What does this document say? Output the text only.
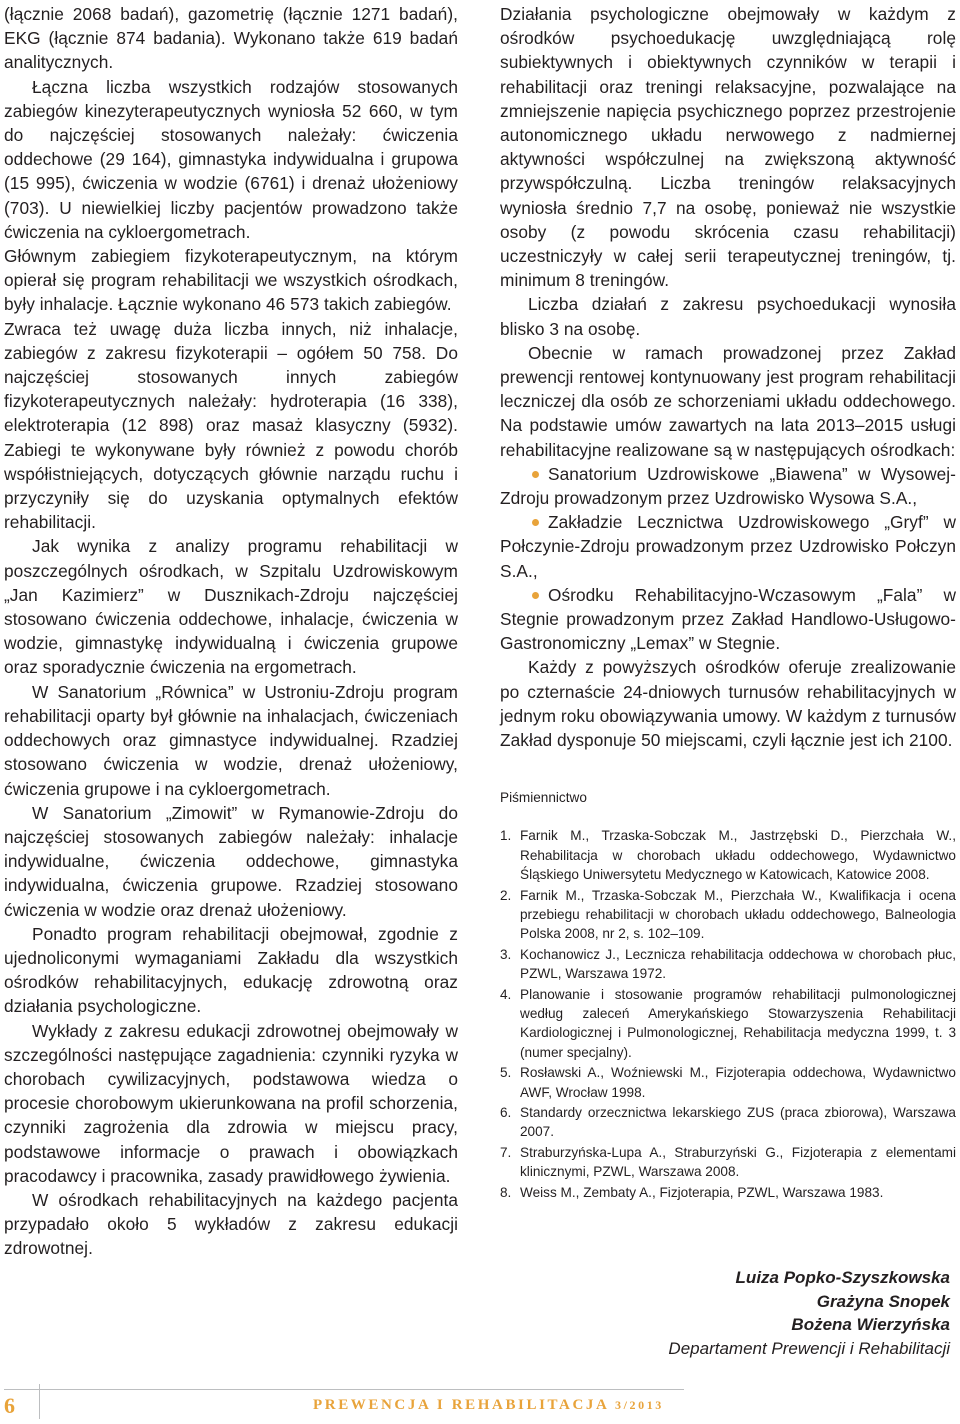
(łącznie 2068 badań), gazometrię (łącznie 1271 badań), EKG (łącznie 874 badania). Wykonano także 619 badań analitycznych.

Łączna liczba wszystkich rodzajów stosowanych zabiegów kinezyterapeutycznych wyniosła 52 660, w tym do najczęściej stosowanych należały: ćwiczenia oddechowe (29 164), gimnastyka indywidualna i grupowa (15 995), ćwiczenia w wodzie (6761) i drenaż ułożeniowy (703). U niewielkiej liczby pacjentów prowadzono także ćwiczenia na cykloergometrach.

Głównym zabiegiem fizykoterapeutycznym, na którym opierał się program rehabilitacji we wszystkich ośrodkach, były inhalacje. Łącznie wykonano 46 573 takich zabiegów.

Zwraca też uwagę duża liczba innych, niż inhalacje, zabiegów z zakresu fizykoterapii – ogółem 50 758. Do najczęściej stosowanych innych zabiegów fizykoterapeutycznych należały: hydroterapia (16 338), elektroterapia (12 898) oraz masaż klasyczny (5932). Zabiegi te wykonywane były również z powodu chorób współistniejących, dotyczących głównie narządu ruchu i przyczyniły się do uzyskania optymalnych efektów rehabilitacji.

Jak wynika z analizy programu rehabilitacji w poszczególnych ośrodkach, w Szpitalu Uzdrowiskowym „Jan Kazimierz” w Dusznikach-Zdroju najczęściej stosowano ćwiczenia oddechowe, inhalacje, ćwiczenia w wodzie, gimnastykę indywidualną i ćwiczenia grupowe oraz sporadycznie ćwiczenia na ergometrach.

W Sanatorium „Równica” w Ustroniu-Zdroju program rehabilitacji oparty był głównie na inhalacjach, ćwiczeniach oddechowych oraz gimnastyce indywidualnej. Rzadziej stosowano ćwiczenia w wodzie, drenaż ułożeniowy, ćwiczenia grupowe i na cykloergometrach.

W Sanatorium „Zimowit” w Rymanowie-Zdroju do najczęściej stosowanych zabiegów należały: inhalacje indywidualne, ćwiczenia oddechowe, gimnastyka indywidualna, ćwiczenia grupowe. Rzadziej stosowano ćwiczenia w wodzie oraz drenaż ułożeniowy.

Ponadto program rehabilitacji obejmował, zgodnie z ujednoliconymi wymaganiami Zakładu dla wszystkich ośrodków rehabilitacyjnych, edukację zdrowotną oraz działania psychologiczne.

Wykłady z zakresu edukacji zdrowotnej obejmowały w szczególności następujące zagadnienia: czynniki ryzyka w chorobach cywilizacyjnych, podstawowa wiedza o procesie chorobowym ukierunkowana na profil schorzenia, czynniki zagrożenia dla zdrowia w miejscu pracy, podstawowe informacje o prawach i obowiązkach pracodawcy i pracownika, zasady prawidłowego żywienia.

W ośrodkach rehabilitacyjnych na każdego pacjenta przypadało około 5 wykładów z zakresu edukacji zdrowotnej.

Działania psychologiczne obejmowały w każdym z ośrodków psychoedukację uwzględniającą rolę subiektywnych i obiektywnych czynników w terapii i rehabilitacji oraz treningi relaksacyjne, pozwalające na zmniejszenie napięcia psychicznego poprzez przestrojenie autonomicznego układu nerwowego z nadmiernej aktywności współczulnej na zwiększoną aktywność przywspółczulną. Liczba treningów relaksacyjnych wyniosła średnio 7,7 na osobę, ponieważ nie wszystkie osoby (z powodu skrócenia czasu rehabilitacji) uczestniczyły w całej serii terapeutycznej treningów, tj. minimum 8 treningów.

Liczba działań z zakresu psychoedukacji wynosiła blisko 3 na osobę.

Obecnie w ramach prowadzonej przez Zakład prewencji rentowej kontynuowany jest program rehabilitacji leczniczej dla osób ze schorzeniami układu oddechowego. Na podstawie umów zawartych na lata 2013–2015 usługi rehabilitacyjne realizowane są w następujących ośrodkach:

Sanatorium Uzdrowiskowe „Biawena” w Wysowej-Zdroju prowadzonym przez Uzdrowisko Wysowa S.A.,

Zakładzie Lecznictwa Uzdrowiskowego „Gryf” w Połczynie-Zdroju prowadzonym przez Uzdrowisko Połczyn S.A.,

Ośrodku Rehabilitacyjno-Wczasowym „Fala” w Stegnie prowadzonym przez Zakład Handlowo-Usługowo-Gastronomiczny „Lemax” w Stegnie.

Każdy z powyższych ośrodków oferuje zrealizowanie po czternaście 24-dniowych turnusów rehabilitacyjnych w jednym roku obowiązywania umowy. W każdym z turnusów Zakład dysponuje 50 miejscami, czyli łącznie jest ich 2100.

Piśmiennictwo
1. Farnik M., Trzaska-Sobczak M., Jastrzębski D., Pierzchała W., Rehabilitacja w chorobach układu oddechowego, Wydawnictwo Śląskiego Uniwersytetu Medycznego w Katowicach, Katowice 2008.
2. Farnik M., Trzaska-Sobczak M., Pierzchała W., Kwalifikacja i ocena przebiegu rehabilitacji w chorobach układu oddechowego, Balneologia Polska 2008, nr 2, s. 102–109.
3. Kochanowicz J., Lecznicza rehabilitacja oddechowa w chorobach płuc, PZWL, Warszawa 1972.
4. Planowanie i stosowanie programów rehabilitacji pulmonologicznej według zaleceń Amerykańskiego Stowarzyszenia Rehabilitacji Kardiologicznej i Pulmonologicznej, Rehabilitacja medyczna 1999, t. 3 (numer specjalny).
5. Rosławski A., Woźniewski M., Fizjoterapia oddechowa, Wydawnictwo AWF, Wrocław 1998.
6. Standardy orzecznictwa lekarskiego ZUS (praca zbiorowa), Warszawa 2007.
7. Straburzyńska-Lupa A., Straburzyński G., Fizjoterapia z elementami klinicznymi, PZWL, Warszawa 2008.
8. Weiss M., Zembaty A., Fizjoterapia, PZWL, Warszawa 1983.
Luiza Popko-Szyszkowska
Grażyna Snopek
Bożena Wierzyńska
Departament Prewencji i Rehabilitacji
6	PREWENCJA I REHABILITACJA 3/2013
